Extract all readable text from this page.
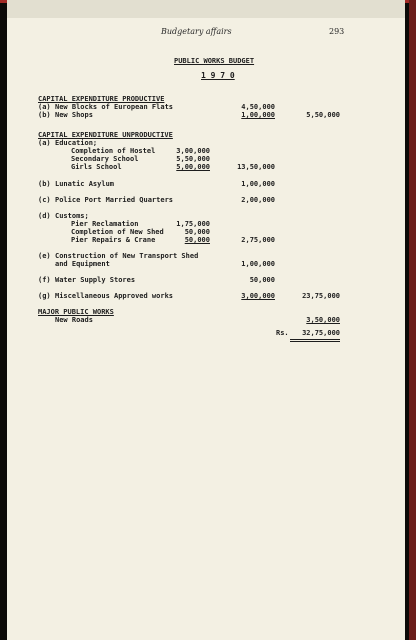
Budgetary affairs	293
PUBLIC WORKS BUDGET
1 9 7 0
CAPITAL EXPENDITURE PRODUCTIVE
(a) New Blocks of European Flats	4,50,000
(b) New Shops	1,00,000	5,50,000
CAPITAL EXPENDITURE UNPRODUCTIVE
(a) Education;
Completion of Hostel	3,00,000
Secondary School	5,50,000
Girls School	5,00,000	13,50,000
(b) Lunatic Asylum	1,00,000
(c) Police Port Married Quarters	2,00,000
(d) Customs;
Pier Reclamation	1,75,000
Completion of New Shed	50,000
Pier Repairs & Crane	50,000	2,75,000
(e) Construction of New Transport Shed
and Equipment	1,00,000
(f) Water Supply Stores	50,000
(g) Miscellaneous Approved works	3,00,000	23,75,000
MAJOR PUBLIC WORKS
New Roads	3,50,000
Rs. 32,75,000
